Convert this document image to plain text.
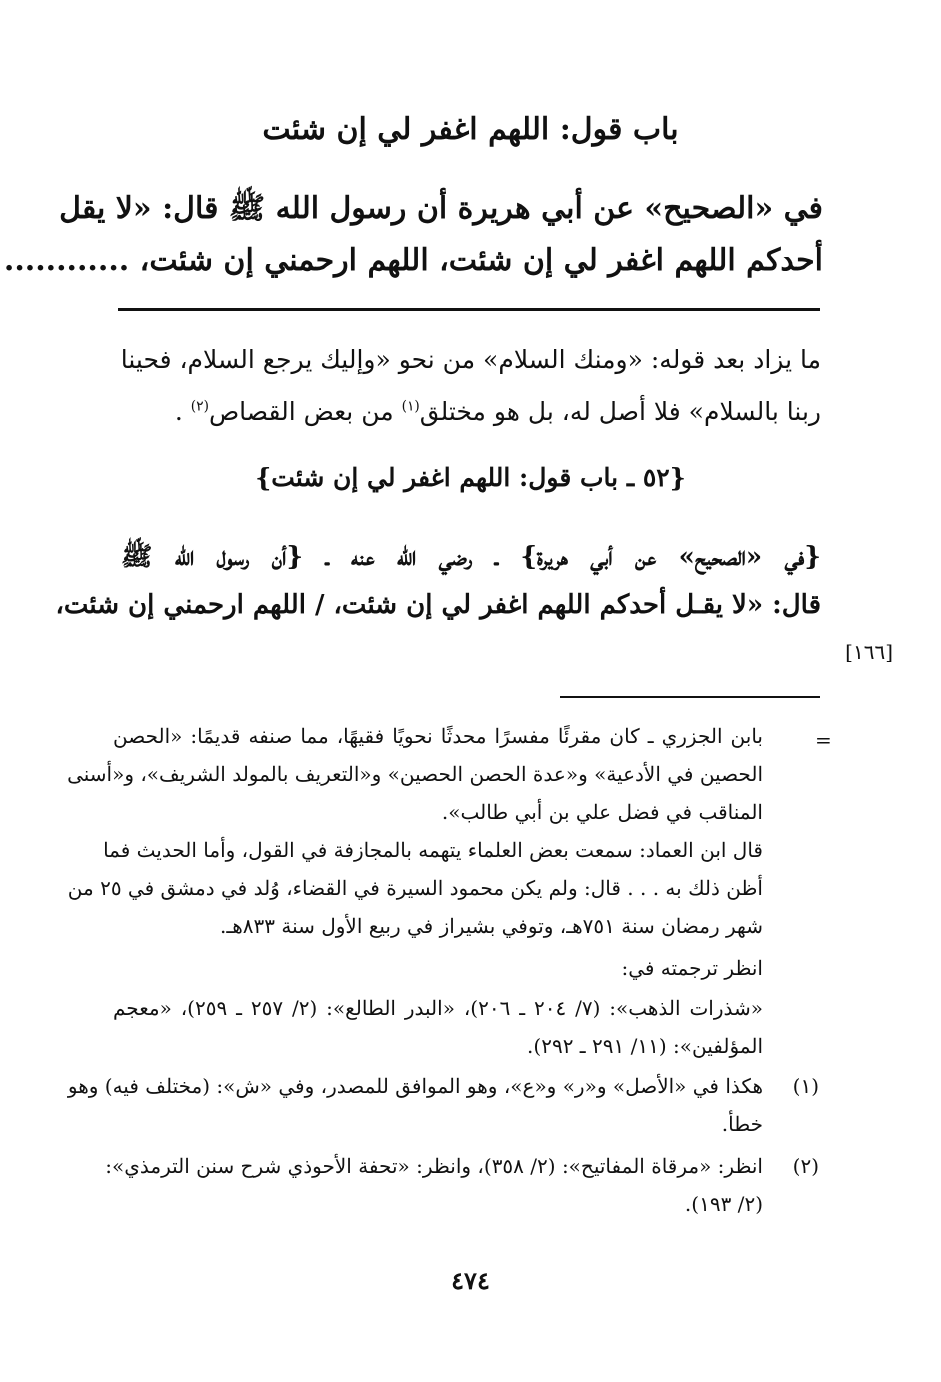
باب قول: اللهم اغفر لي إن شئت
في «الصحيح» عن أبي هريرة أن رسول الله ﷺ قال: «لا يقل
أحدكم اللهم اغفر لي إن شئت، اللهم ارحمني إن شئت، ............
ما يزاد بعد قوله: «ومنك السلام» من نحو «وإليك يرجع السلام، فحينا
ربنا بالسلام» فلا أصل له، بل هو مختلق$^{(١)}$ من بعض القصاص$^{(٢)}$ .
{٥٢ ـ باب قول: اللهم اغفر لي إن شئت}
{في «الصحيح» عن أبي هريرة} ـ رضي الله عنه ـ {أن رسول الله ﷺ
قال: «لا يقـل أحدكم اللهم اغفر لي إن شئت، / اللهم ارحمني إن شئت،
[١٦٦]
=
بابن الجزري ـ كان مقرئًا مفسرًا محدثًا نحويًا فقيهًا، مما صنفه قديمًا: «الحصن
الحصين في الأدعية» و«عدة الحصن الحصين» و«التعريف بالمولد الشريف»، و«أسنى
المناقب في فضل علي بن أبي طالب».
قال ابن العماد: سمعت بعض العلماء يتهمه بالمجازفة في القول، وأما الحديث فما
أظن ذلك به . . . قال: ولم يكن محمود السيرة في القضاء، وُلد في دمشق في ٢٥ من
شهر رمضان سنة ٧٥١هـ، وتوفي بشيراز في ربيع الأول سنة ٨٣٣هـ.
انظر ترجمته في:
«شذرات الذهب»: (٧/ ٢٠٤ ـ ٢٠٦)، «البدر الطالع»: (٢/ ٢٥٧ ـ ٢٥٩)، «معجم
المؤلفين»: (١١/ ٢٩١ ـ ٢٩٢).
(١)
هكذا في «الأصل» و«ر» و«ع»، وهو الموافق للمصدر، وفي «ش»: (مختلف فيه) وهو
خطأ.
(٢)
انظر: «مرقاة المفاتيح»: (٢/ ٣٥٨)، وانظر: «تحفة الأحوذي شرح سنن الترمذي»:
(٢/ ١٩٣).
٤٧٤
